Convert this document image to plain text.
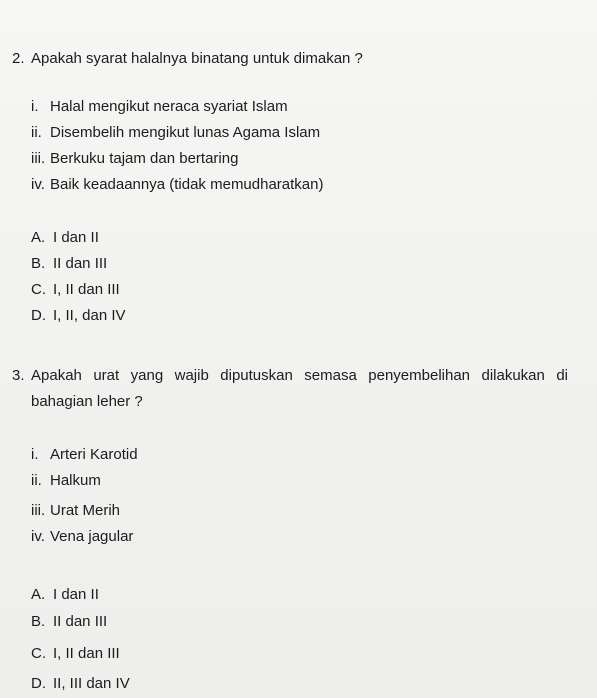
2. Apakah syarat halalnya binatang untuk dimakan ?
i. Halal mengikut neraca syariat Islam
ii. Disembelih mengikut lunas Agama Islam
iii. Berkuku tajam dan bertaring
iv. Baik keadaannya (tidak memudharatkan)
A. I dan II
B. II dan III
C. I, II dan III
D. I, II, dan IV
3. Apakah urat yang wajib diputuskan semasa penyembelihan dilakukan di
bahagian leher ?
i. Arteri Karotid
ii. Halkum
iii. Urat Merih
iv. Vena jagular
A. I dan II
B. II dan III
C. I, II dan III
D. II, III dan IV
